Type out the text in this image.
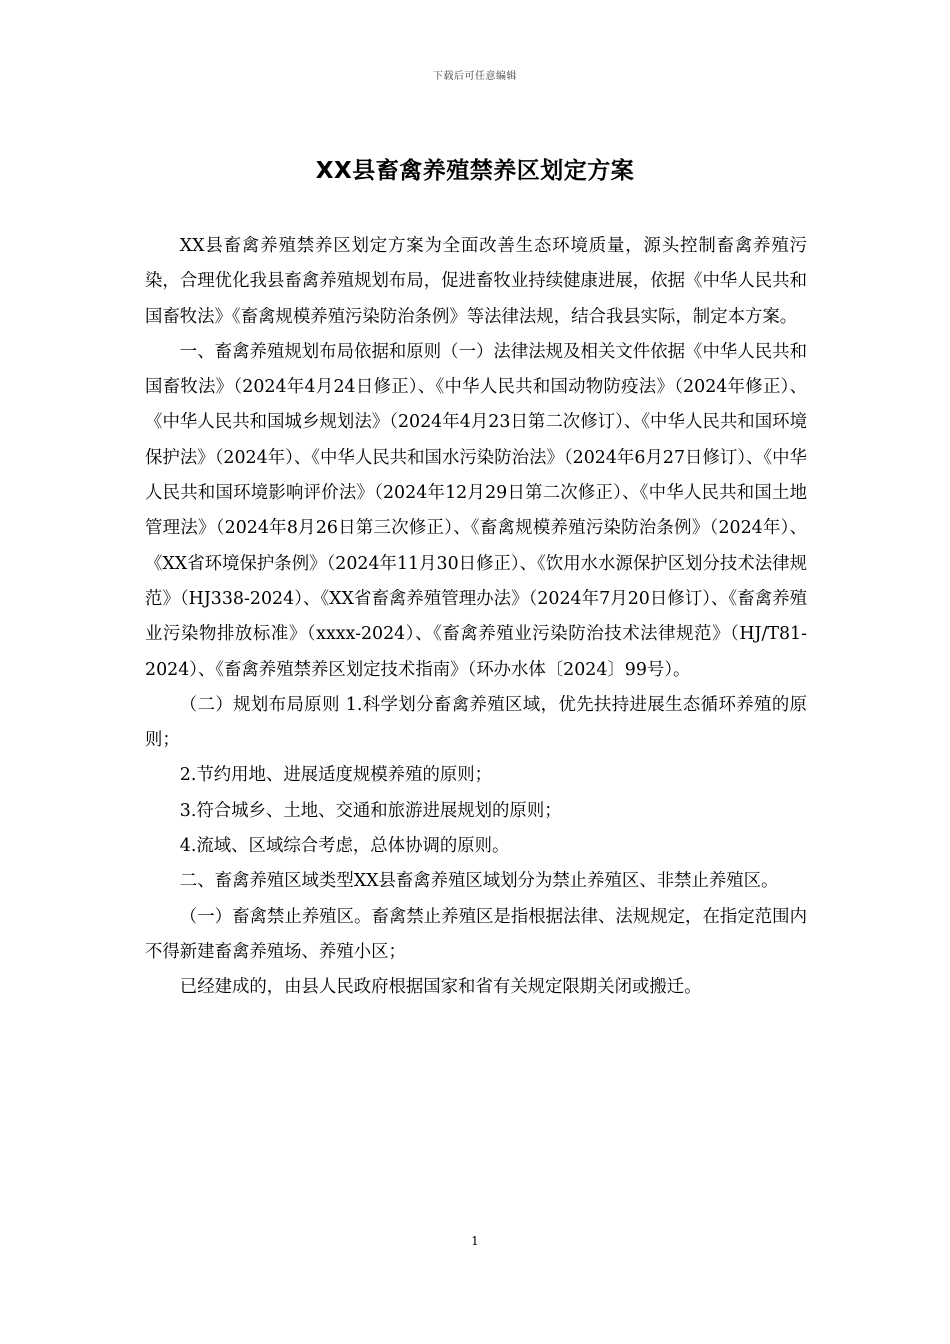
下载后可任意编辑
XX县畜禽养殖禁养区划定方案

XX县畜禽养殖禁养区划定方案为全面改善生态环境质量，源头控制畜禽养殖污染，合理优化我县畜禽养殖规划布局，促进畜牧业持续健康进展，依据《中华人民共和国畜牧法》《畜禽规模养殖污染防治条例》等法律法规，结合我县实际，制定本方案。

一、畜禽养殖规划布局依据和原则（一）法律法规及相关文件依据《中华人民共和国畜牧法》（2024年4月24日修正）、《中华人民共和国动物防疫法》（2024年修正）、《中华人民共和国城乡规划法》（2024年4月23日第二次修订）、《中华人民共和国环境保护法》（2024年）、《中华人民共和国水污染防治法》（2024年6月27日修订）、《中华人民共和国环境影响评价法》（2024年12月29日第二次修正）、《中华人民共和国土地管理法》（2024年8月26日第三次修正）、《畜禽规模养殖污染防治条例》（2024年）、《XX省环境保护条例》（2024年11月30日修正）、《饮用水水源保护区划分技术法律规范》（HJ338-2024）、《XX省畜禽养殖管理办法》（2024年7月20日修订）、《畜禽养殖业污染物排放标准》（xxxx-2024）、《畜禽养殖业污染防治技术法律规范》（HJ/T81-2024）、《畜禽养殖禁养区划定技术指南》（环办水体〔2024〕99号）。

（二）规划布局原则 1.科学划分畜禽养殖区域，优先扶持进展生态循环养殖的原则；

2.节约用地、进展适度规模养殖的原则；

3.符合城乡、土地、交通和旅游进展规划的原则；

4.流域、区域综合考虑，总体协调的原则。

二、畜禽养殖区域类型XX县畜禽养殖区域划分为禁止养殖区、非禁止养殖区。

（一）畜禽禁止养殖区。畜禽禁止养殖区是指根据法律、法规规定，在指定范围内不得新建畜禽养殖场、养殖小区；

已经建成的，由县人民政府根据国家和省有关规定限期关闭或搬迁。

1
